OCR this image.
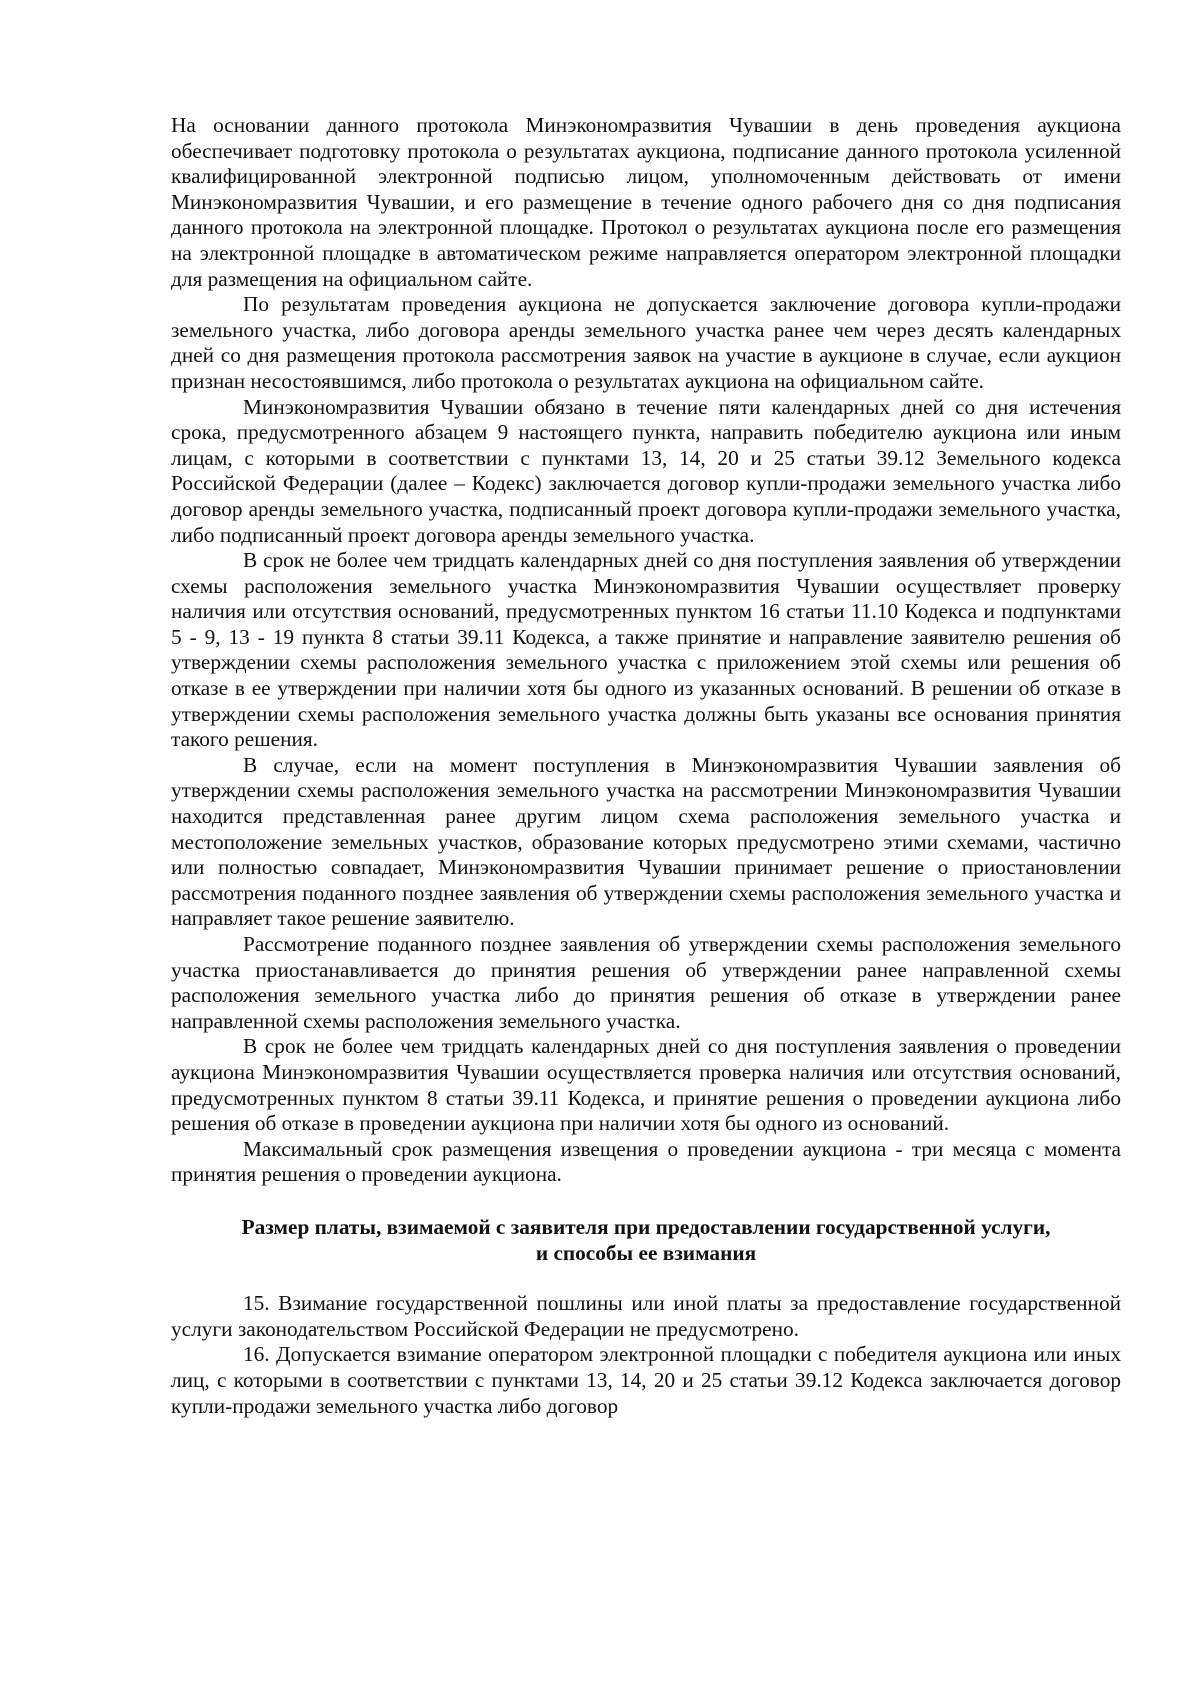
На основании данного протокола Минэкономразвития Чувашии в день проведения аукциона обеспечивает подготовку протокола о результатах аукциона, подписание данного протокола усиленной квалифицированной электронной подписью лицом, уполномоченным действовать от имени Минэкономразвития Чувашии, и его размещение в течение одного рабочего дня со дня подписания данного протокола на электронной площадке. Протокол о результатах аукциона после его размещения на электронной площадке в автоматическом режиме направляется оператором электронной площадки для размещения на официальном сайте.

По результатам проведения аукциона не допускается заключение договора купли-продажи земельного участка, либо договора аренды земельного участка ранее чем через десять календарных дней со дня размещения протокола рассмотрения заявок на участие в аукционе в случае, если аукцион признан несостоявшимся, либо протокола о результатах аукциона на официальном сайте.

Минэкономразвития Чувашии обязано в течение пяти календарных дней со дня истечения срока, предусмотренного абзацем 9 настоящего пункта, направить победителю аукциона или иным лицам, с которыми в соответствии с пунктами 13, 14, 20 и 25 статьи 39.12 Земельного кодекса Российской Федерации (далее – Кодекс) заключается договор купли-продажи земельного участка либо договор аренды земельного участка, подписанный проект договора купли-продажи земельного участка, либо подписанный проект договора аренды земельного участка.

В срок не более чем тридцать календарных дней со дня поступления заявления об утверждении схемы расположения земельного участка Минэкономразвития Чувашии осуществляет проверку наличия или отсутствия оснований, предусмотренных пунктом 16 статьи 11.10 Кодекса и подпунктами 5 - 9, 13 - 19 пункта 8 статьи 39.11 Кодекса, а также принятие и направление заявителю решения об утверждении схемы расположения земельного участка с приложением этой схемы или решения об отказе в ее утверждении при наличии хотя бы одного из указанных оснований. В решении об отказе в утверждении схемы расположения земельного участка должны быть указаны все основания принятия такого решения.

В случае, если на момент поступления в Минэкономразвития Чувашии заявления об утверждении схемы расположения земельного участка на рассмотрении Минэкономразвития Чувашии находится представленная ранее другим лицом схема расположения земельного участка и местоположение земельных участков, образование которых предусмотрено этими схемами, частично или полностью совпадает, Минэкономразвития Чувашии принимает решение о приостановлении рассмотрения поданного позднее заявления об утверждении схемы расположения земельного участка и направляет такое решение заявителю.

Рассмотрение поданного позднее заявления об утверждении схемы расположения земельного участка приостанавливается до принятия решения об утверждении ранее направленной схемы расположения земельного участка либо до принятия решения об отказе в утверждении ранее направленной схемы расположения земельного участка.

В срок не более чем тридцать календарных дней со дня поступления заявления о проведении аукциона Минэкономразвития Чувашии осуществляется проверка наличия или отсутствия оснований, предусмотренных пунктом 8 статьи 39.11 Кодекса, и принятие решения о проведении аукциона либо решения об отказе в проведении аукциона при наличии хотя бы одного из оснований.

Максимальный срок размещения извещения о проведении аукциона - три месяца с момента принятия решения о проведении аукциона.

Размер платы, взимаемой с заявителя при предоставлении государственной услуги,
и способы ее взимания

15. Взимание государственной пошлины или иной платы за предоставление государственной услуги законодательством Российской Федерации не предусмотрено.

16. Допускается взимание оператором электронной площадки с победителя аукциона или иных лиц, с которыми в соответствии с пунктами 13, 14, 20 и 25 статьи 39.12 Кодекса заключается договор купли-продажи земельного участка либо договор
